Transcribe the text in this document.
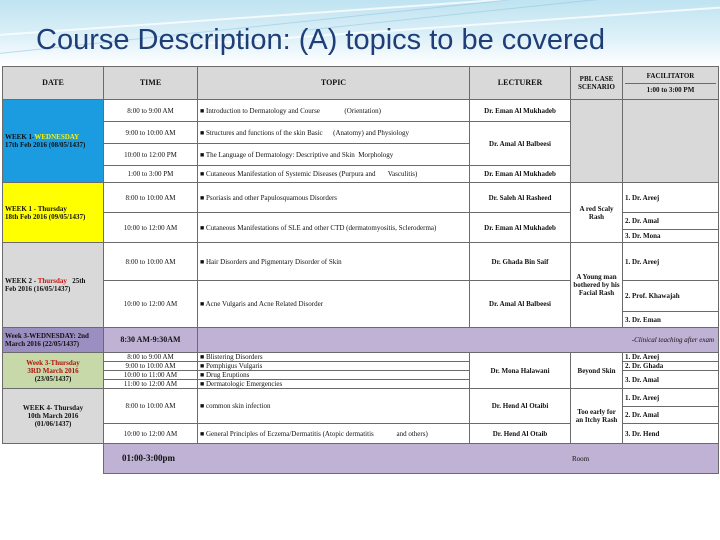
Course Description: (A) topics to be covered
DATE	TIME	TOPIC	LECTURER	PBL CASE SCENARIO	FACILITATOR
1:00 to 3:00 PM

WEEK 1-WEDNESDAY
17th Feb 2016 (08/05/1437)	8:00 to 9:00 AM	■ Introduction to Dermatology and Course (Orientation)	Dr. Eman Al Mukhadeb		
	9:00 to 10:00 AM	■ Structures and functions of the skin Basic (Anatomy) and Physiology	Dr. Amal Al Balbeesi		
	10:00 to 12:00 PM	■ The Language of Dermatology: Descriptive and Skin Morphology			
	1:00 to 3:00 PM	■ Cutaneous Manifestation of Systemic Diseases (Purpura and Vasculitis)	Dr. Eman Al Mukhadeb		
WEEK 1 - Thursday
18th Feb 2016 (09/05/1437)	8:00 to 10:00 AM	■ Psoriasis and other Papulosquamous Disorders	Dr. Saleh Al Rasheed	A red Scaly Rash	1. Dr. Areej
	10:00 to 12:00 AM	■ Cutaneous Manifestations of SLE and other CTD (dermatomyositis, Scleroderma)	Dr. Eman Al Mukhadeb		2. Dr. Amal
					3. Dr. Mona
WEEK 2 - Thursday 25th
Feb 2016 (16/05/1437)	8:00 to 10:00 AM	■ Hair Disorders and Pigmentary Disorder of Skin	Dr. Ghada Bin Saif	A Young man bothered by his Facial Rash	1. Dr. Areej
	10:00 to 12:00 AM	■ Acne Vulgaris and Acne Related Disorder	Dr. Amal Al Balbeesi		2. Prof. Khawajah
					3. Dr. Eman
Week 3-WEDNESDAY: 2nd March 2016 (22/05/1437)	8:30 AM-9:30AM	-Clinical teaching after exam			
Week 3-Thursday
3RD March 2016
(23/05/1437)	8:00 to 9:00 AM	■ Blistering Disorders	Dr. Mona Halawani	Beyond Skin	1. Dr. Areej
	9:00 to 10:00 AM	■ Pemphigus Vulgaris			2. Dr. Ghada
	10:00 to 11:00 AM	■ Drug Eruptions			3. Dr. Amal
	11:00 to 12:00 AM	■ Dermatologic Emergencies			
WEEK 4- Thursday
10th March 2016
(01/06/1437)	8:00 to 10:00 AM	■ common skin infection	Dr. Hend Al Otaibi	Too early for an Itchy Rash	1. Dr. Areej
					2. Dr. Amal
	10:00 to 12:00 AM	■ General Principles of Eczema/Dermatitis (Atopic dermatitis and others)	Dr. Hend Al Otaib		3. Dr. Hend

	01:00-3:00pm Room				
